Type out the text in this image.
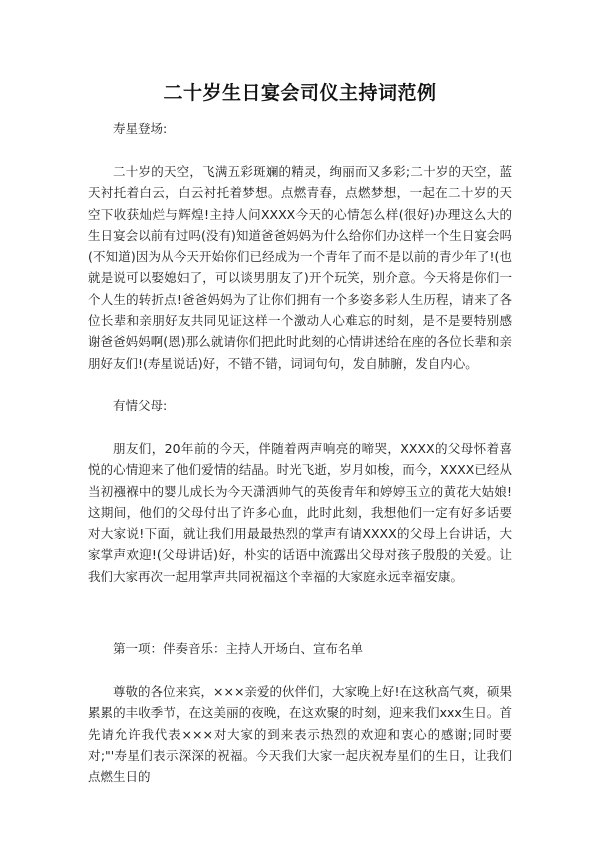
二十岁生日宴会司仪主持词范例

寿星登场:

二十岁的天空，飞满五彩斑斓的精灵，绚丽而又多彩;二十岁的天空，蓝天衬托着白云，白云衬托着梦想。点燃青春，点燃梦想，一起在二十岁的天空下收获灿烂与辉煌!主持人问XXXX今天的心情怎么样(很好)办理这么大的生日宴会以前有过吗(没有)知道爸爸妈妈为什么给你们办这样一个生日宴会吗(不知道)因为从今天开始你们已经成为一个青年了而不是以前的青少年了!(也就是说可以娶媳妇了，可以谈男朋友了)开个玩笑，别介意。今天将是你们一个人生的转折点!爸爸妈妈为了让你们拥有一个多姿多彩人生历程，请来了各位长辈和亲朋好友共同见证这样一个激动人心难忘的时刻，是不是要特别感谢爸爸妈妈啊(恩)那么就请你们把此时此刻的心情讲述给在座的各位长辈和亲朋好友们!(寿星说话)好，不错不错，词词句句，发自肺腑，发自内心。

有情父母:

朋友们，20年前的今天，伴随着两声响亮的啼哭，XXXX的父母怀着喜悦的心情迎来了他们爱情的结晶。时光飞逝，岁月如梭，而今，XXXX已经从当初襁褓中的婴儿成长为今天潇洒帅气的英俊青年和婷婷玉立的黄花大姑娘!这期间，他们的父母付出了许多心血，此时此刻，我想他们一定有好多话要对大家说!下面，就让我们用最最热烈的掌声有请XXXX的父母上台讲话，大家掌声欢迎!(父母讲话)好，朴实的话语中流露出父母对孩子殷殷的关爱。让我们大家再次一起用掌声共同祝福这个幸福的大家庭永远幸福安康。

第一项：伴奏音乐：主持人开场白、宣布名单

尊敬的各位来宾，×××亲爱的伙伴们，大家晚上好!在这秋高气爽，硕果累累的丰收季节，在这美丽的夜晚，在这欢聚的时刻，迎来我们xxx生日。首先请允许我代表×××对大家的到来表示热烈的欢迎和衷心的感谢;同时要对;"'寿星们表示深深的祝福。今天我们大家一起庆祝寿星们的生日，让我们点燃生日的
